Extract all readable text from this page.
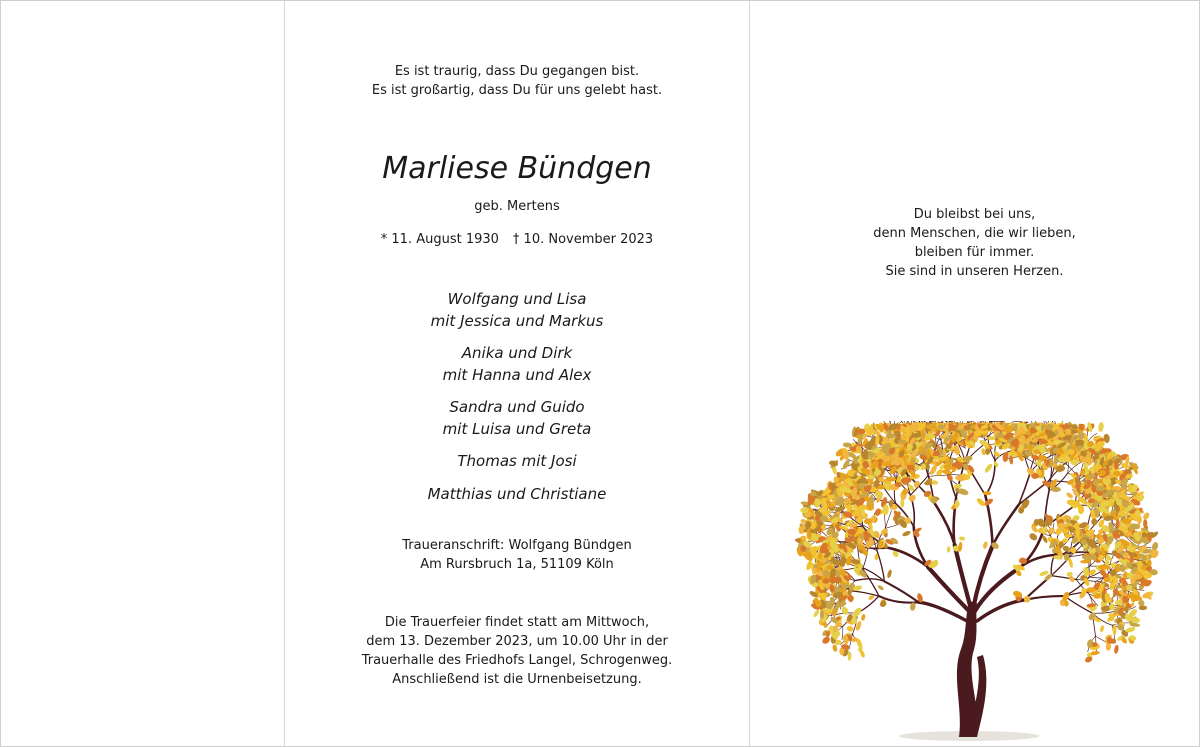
Es ist traurig, dass Du gegangen bist.
Es ist großartig, dass Du für uns gelebt hast.
Marliese Bündgen
geb. Mertens
* 11. August 1930 † 10. November 2023
Wolfgang und Lisa
mit Jessica und Markus
Anika und Dirk
mit Hanna und Alex
Sandra und Guido
mit Luisa und Greta
Thomas mit Josi
Matthias und Christiane
Traueranschrift: Wolfgang Bündgen
Am Rursbruch 1a, 51109 Köln
Die Trauerfeier findet statt am Mittwoch,
dem 13. Dezember 2023, um 10.00 Uhr in der
Trauerhalle des Friedhofs Langel, Schrogenweg.
Anschließend ist die Urnenbeisetzung.
Du bleibst bei uns,
denn Menschen, die wir lieben,
bleiben für immer.
Sie sind in unseren Herzen.
